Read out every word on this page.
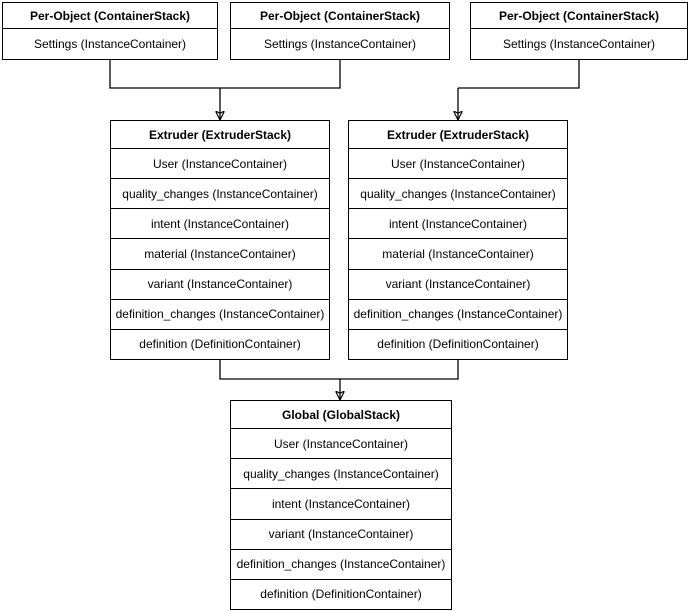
Per-Object (ContainerStack)
Settings (InstanceContainer)
Per-Object (ContainerStack)
Settings (InstanceContainer)
Per-Object (ContainerStack)
Settings (InstanceContainer)
Extruder (ExtruderStack)
User (InstanceContainer)
quality_changes (InstanceContainer)
intent (InstanceContainer)
material (InstanceContainer)
variant (InstanceContainer)
definition_changes (InstanceContainer)
definition (DefinitionContainer)
Extruder (ExtruderStack)
User (InstanceContainer)
quality_changes (InstanceContainer)
intent (InstanceContainer)
material (InstanceContainer)
variant (InstanceContainer)
definition_changes (InstanceContainer)
definition (DefinitionContainer)
Global (GlobalStack)
User (InstanceContainer)
quality_changes (InstanceContainer)
intent (InstanceContainer)
variant (InstanceContainer)
definition_changes (InstanceContainer)
definition (DefinitionContainer)
